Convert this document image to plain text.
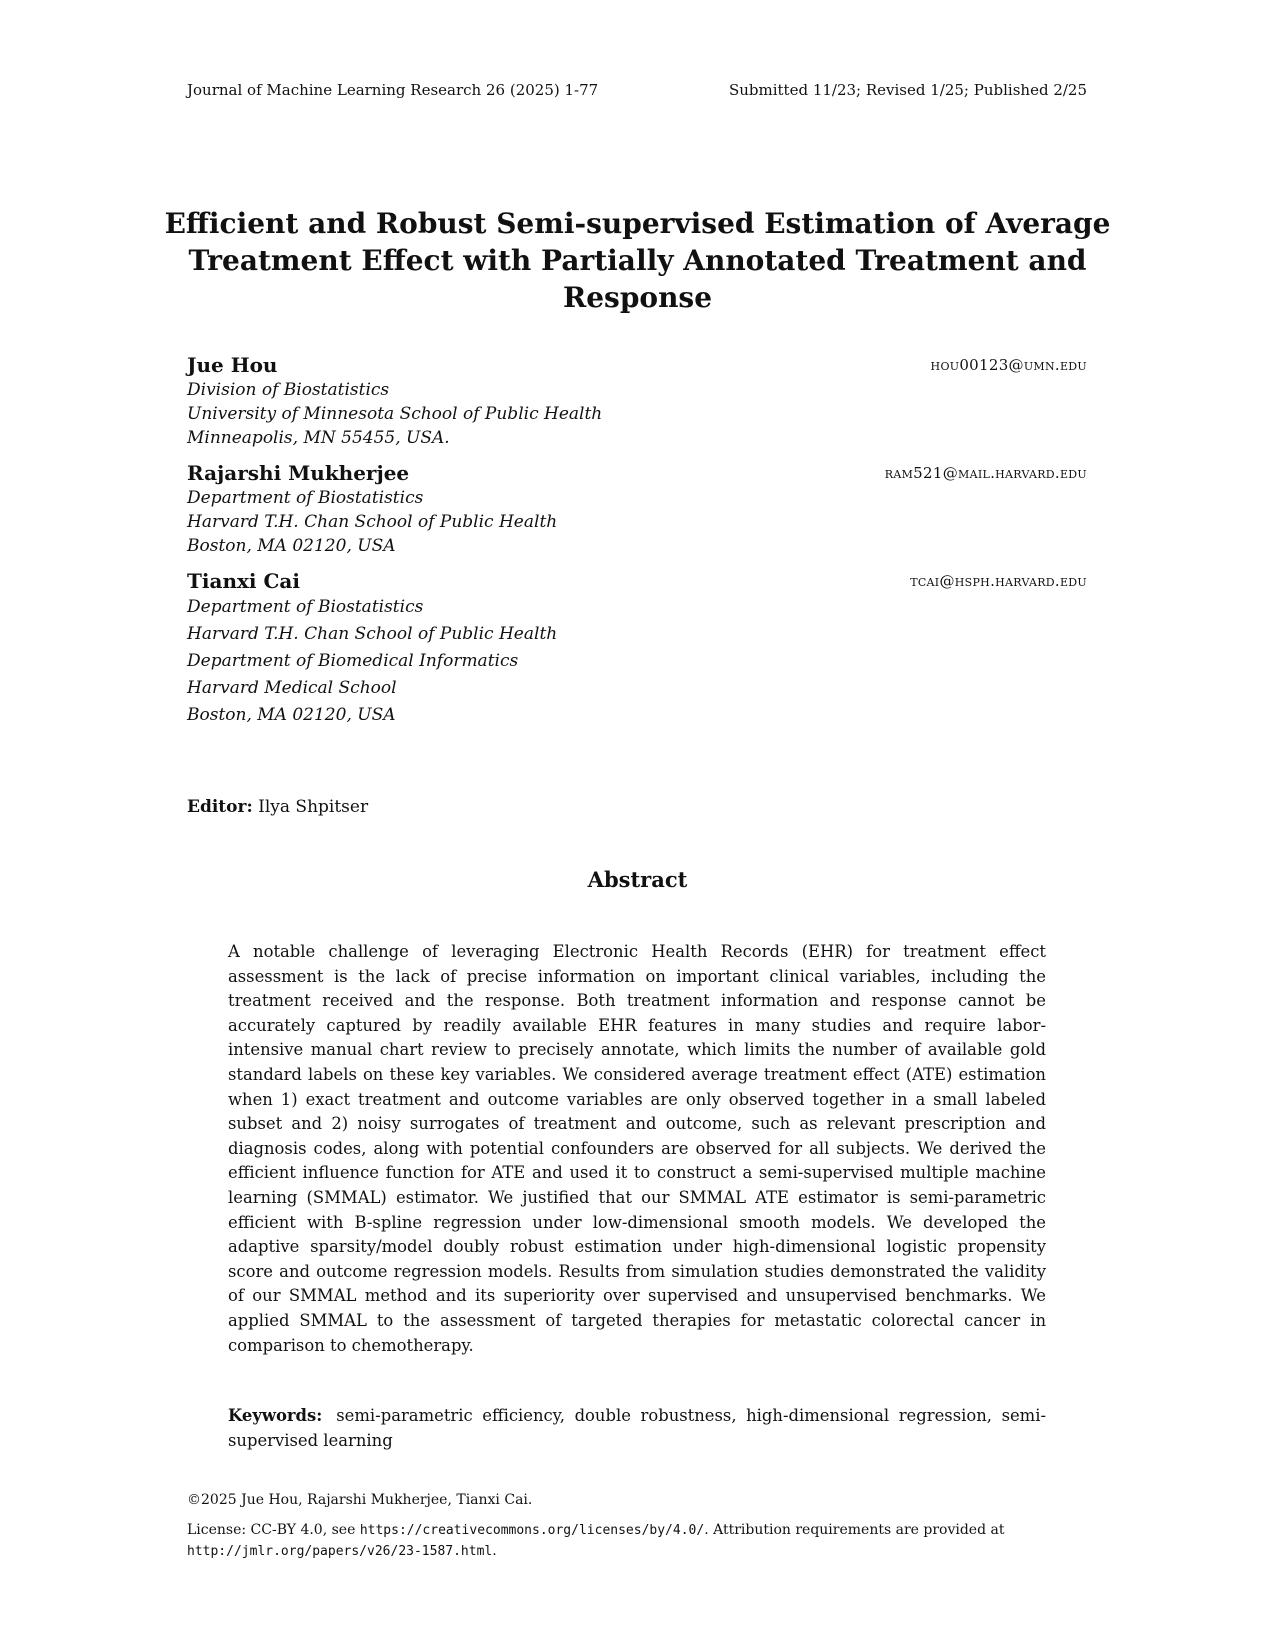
Journal of Machine Learning Research 26 (2025) 1-77	Submitted 11/23; Revised 1/25; Published 2/25
Efficient and Robust Semi-supervised Estimation of Average Treatment Effect with Partially Annotated Treatment and Response
Jue Hou	hou00123@umn.edu
Division of Biostatistics
University of Minnesota School of Public Health
Minneapolis, MN 55455, USA.
Rajarshi Mukherjee	ram521@mail.harvard.edu
Department of Biostatistics
Harvard T.H. Chan School of Public Health
Boston, MA 02120, USA
Tianxi Cai	tcai@hsph.harvard.edu
Department of Biostatistics
Harvard T.H. Chan School of Public Health
Department of Biomedical Informatics
Harvard Medical School
Boston, MA 02120, USA
Editor: Ilya Shpitser
Abstract

A notable challenge of leveraging Electronic Health Records (EHR) for treatment effect assessment is the lack of precise information on important clinical variables, including the treatment received and the response. Both treatment information and response cannot be accurately captured by readily available EHR features in many studies and require labor-intensive manual chart review to precisely annotate, which limits the number of available gold standard labels on these key variables. We considered average treatment effect (ATE) estimation when 1) exact treatment and outcome variables are only observed together in a small labeled subset and 2) noisy surrogates of treatment and outcome, such as relevant prescription and diagnosis codes, along with potential confounders are observed for all subjects. We derived the efficient influence function for ATE and used it to construct a semi-supervised multiple machine learning (SMMAL) estimator. We justified that our SMMAL ATE estimator is semi-parametric efficient with B-spline regression under low-dimensional smooth models. We developed the adaptive sparsity/model doubly robust estimation under high-dimensional logistic propensity score and outcome regression models. Results from simulation studies demonstrated the validity of our SMMAL method and its superiority over supervised and unsupervised benchmarks. We applied SMMAL to the assessment of targeted therapies for metastatic colorectal cancer in comparison to chemotherapy.

Keywords: semi-parametric efficiency, double robustness, high-dimensional regression, semi-supervised learning

©2025 Jue Hou, Rajarshi Mukherjee, Tianxi Cai.
License: CC-BY 4.0, see https://creativecommons.org/licenses/by/4.0/. Attribution requirements are provided at http://jmlr.org/papers/v26/23-1587.html.
